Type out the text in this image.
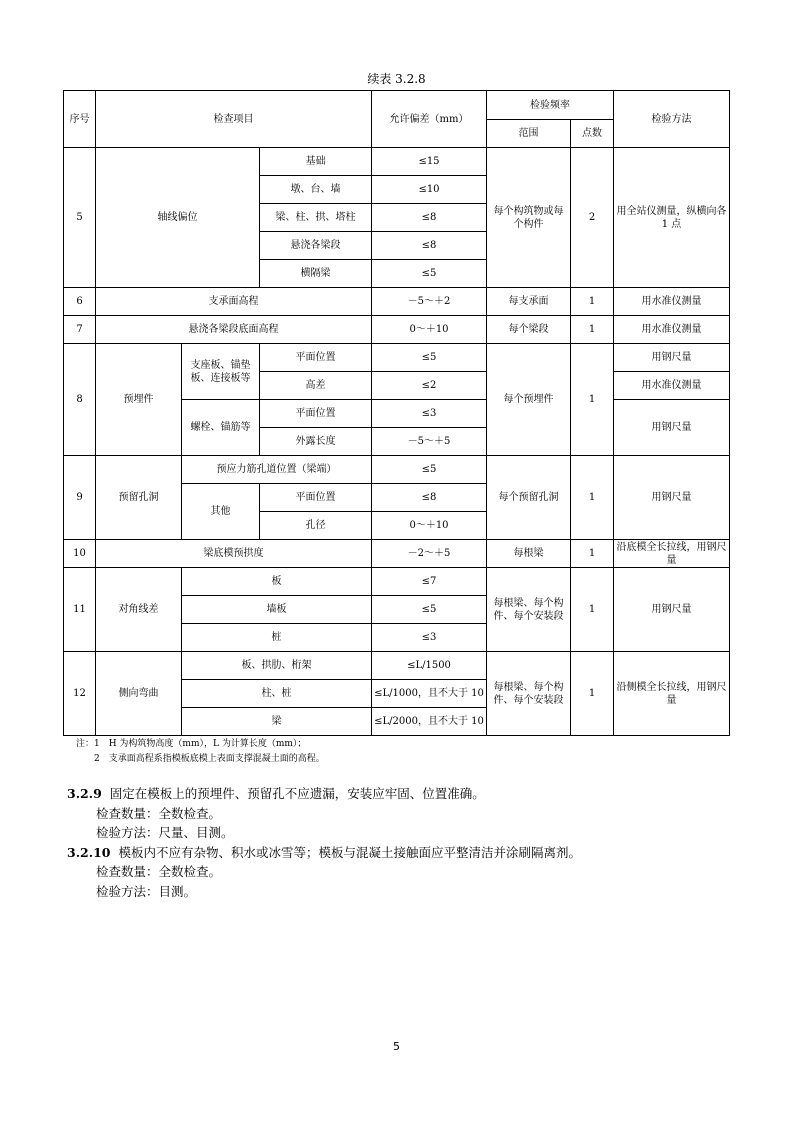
续表 3.2.8
序号	检查项目			允许偏差（mm）	检验频率		检验方法
					范围	点数	
5	轴线偏位		基础	≤15	每个构筑物或每个构件	2	用全站仪测量，纵横向各 1 点
			墩、台、墙	≤10			
			梁、柱、拱、塔柱	≤8			
			悬浇各梁段	≤8			
			横隔梁	≤5			
6	支承面高程			－5～＋2	每支承面	1	用水准仪测量
7	悬浇各梁段底面高程			0～＋10	每个梁段	1	用水准仪测量
8	预埋件	支座板、锚垫板、连接板等	平面位置	≤5	每个预埋件	1	用钢尺量
			高差	≤2			用水准仪测量
		螺栓、锚筋等	平面位置	≤3			用钢尺量
			外露长度	－5～＋5			
9	预留孔洞	预应力筋孔道位置（梁端）		≤5	每个预留孔洞	1	用钢尺量
		其他	平面位置	≤8			
			孔径	0～＋10			
10	梁底模预拱度			－2～＋5	每根梁	1	沿底模全长拉线，用钢尺量
11	对角线差	板		≤7	每根梁、每个构件、每个安装段	1	用钢尺量
		墙板		≤5			
		桩		≤3			
12	侧向弯曲	板、拱肋、桁架		≤L/1500	每根梁、每个构件、每个安装段	1	沿侧模全长拉线，用钢尺量
		柱、桩		≤L/1000，且不大于 10			
		梁		≤L/2000，且不大于 10			
注：1　H 为构筑物高度（mm），L 为计算长度（mm）；
　　2　支承面高程系指模板底模上表面支撑混凝土面的高程。
3.2.9 固定在模板上的预埋件、预留孔不应遗漏，安装应牢固、位置准确。
检查数量：全数检查。
检验方法：尺量、目测。
3.2.10 模板内不应有杂物、积水或冰雪等；模板与混凝土接触面应平整清洁并涂刷隔离剂。
检查数量：全数检查。
检验方法：目测。
5
